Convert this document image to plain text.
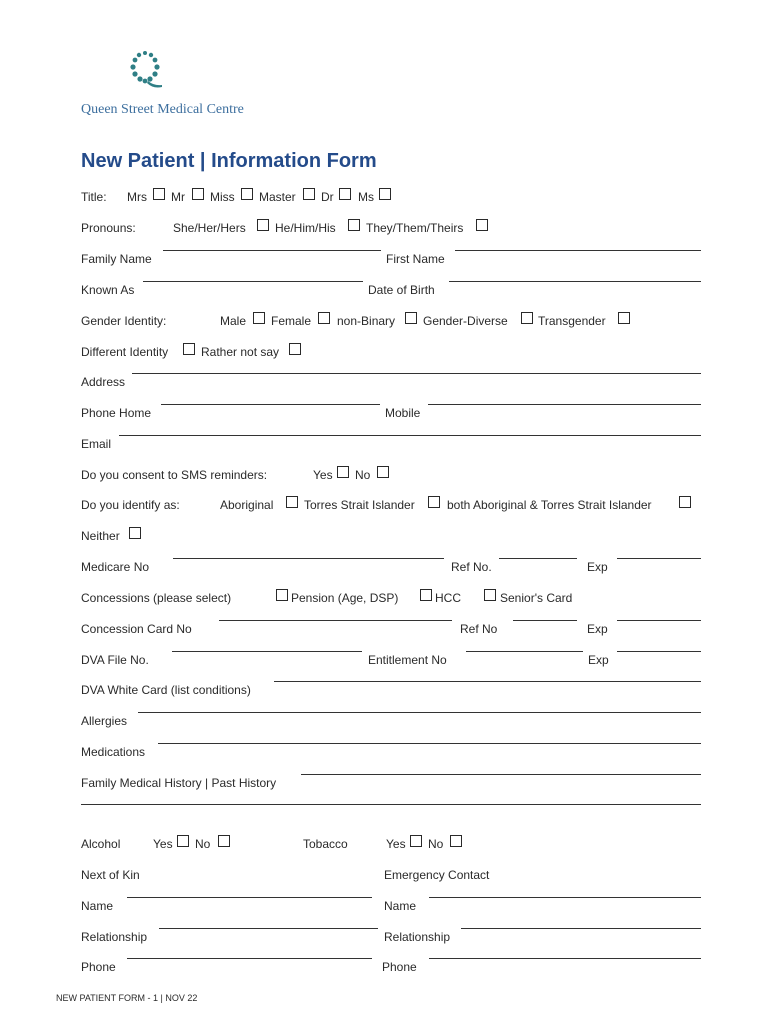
Queen Street Medical Centre
New Patient | Information Form
Title: Mrs Mr Miss Master Dr Ms
Pronouns:	She/Her/Hers He/Him/His	They/Them/Theirs
Family Name	First Name
Known As	Date of Birth
Gender Identity:	Male Female non-Binary Gender-Diverse	Transgender
Different Identity	Rather not say
Address
Phone Home	Mobile
Email
Do you consent to SMS reminders:	Yes No
Do you identify as:	Aboriginal	Torres Strait Islander	both Aboriginal & Torres Strait Islander
Neither
Medicare No	Ref No.	Exp
Concessions (please select)	Pension (Age, DSP)	HCC	Senior's Card
Concession Card No	Ref No	Exp
DVA File No.	Entitlement No	Exp
DVA White Card (list conditions)
Allergies
Medications
Family Medical History | Past History
Alcohol	Yes No	Tobacco	Yes No
Next of Kin	Emergency Contact
Name	Name
Relationship	Relationship
Phone	Phone
NEW PATIENT FORM - 1 | NOV 22
